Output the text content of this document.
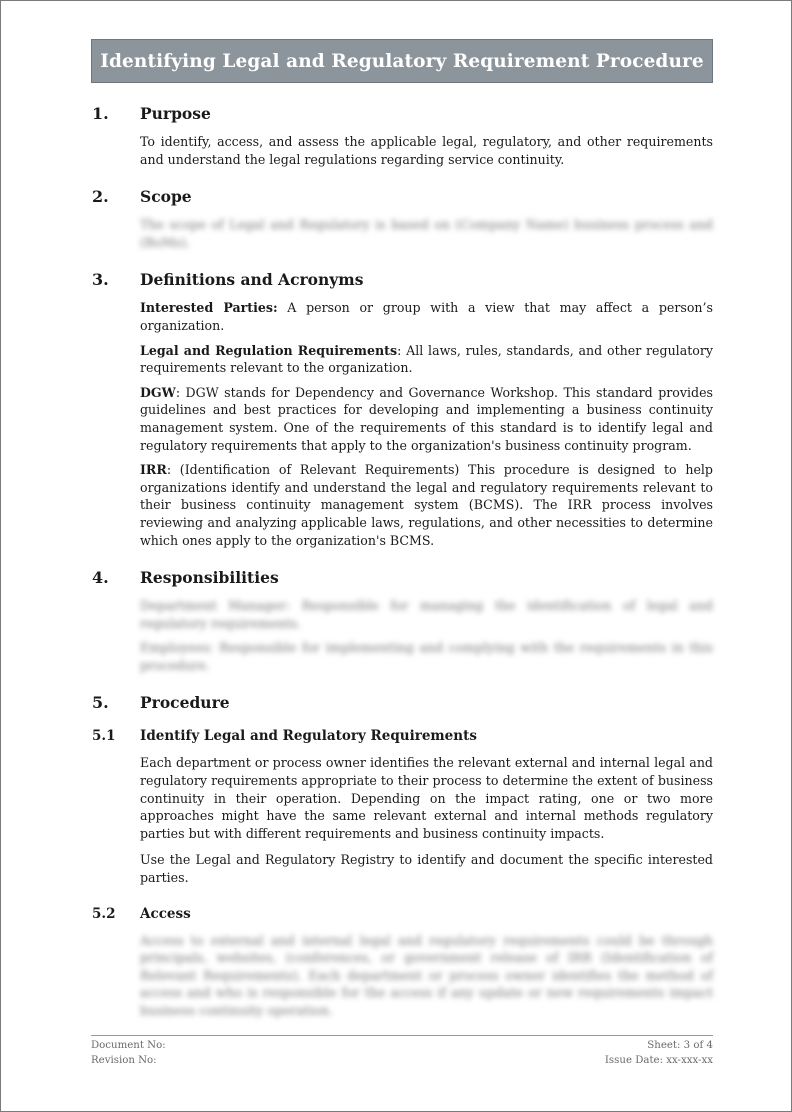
Identifying Legal and Regulatory Requirement Procedure
1.	Purpose

To identify, access, and assess the applicable legal, regulatory, and other requirements and understand the legal regulations regarding service continuity.

2.	Scope

The scope of Legal and Regulatory is based on (Company Name) business process and (BoMs).

3.	Definitions and Acronyms

Interested Parties: A person or group with a view that may affect a person’s organization.

Legal and Regulation Requirements: All laws, rules, standards, and other regulatory requirements relevant to the organization.

DGW: DGW stands for Dependency and Governance Workshop. This standard provides guidelines and best practices for developing and implementing a business continuity management system. One of the requirements of this standard is to identify legal and regulatory requirements that apply to the organization's business continuity program.

IRR: (Identification of Relevant Requirements) This procedure is designed to help organizations identify and understand the legal and regulatory requirements relevant to their business continuity management system (BCMS). The IRR process involves reviewing and analyzing applicable laws, regulations, and other necessities to determine which ones apply to the organization's BCMS.

4.	Responsibilities

Department Manager: Responsible for managing the identification of legal and regulatory requirements.

Employees: Responsible for implementing and complying with the requirements in this procedure.

5.	Procedure
5.1	Identify Legal and Regulatory Requirements

Each department or process owner identifies the relevant external and internal legal and regulatory requirements appropriate to their process to determine the extent of business continuity in their operation. Depending on the impact rating, one or two more approaches might have the same relevant external and internal methods regulatory parties but with different requirements and business continuity impacts.

Use the Legal and Regulatory Registry to identify and document the specific interested parties.

5.2	Access

Access to external and internal legal and regulatory requirements could be through principals, websites, (conferences, or government release of IRR (Identification of Relevant Requirements). Each department or process owner identifies the method of access and who is responsible for the access if any update or new requirements impact business continuity operation.

Document No:	Sheet: 3 of 4
Revision No:	Issue Date: xx-xxx-xx
